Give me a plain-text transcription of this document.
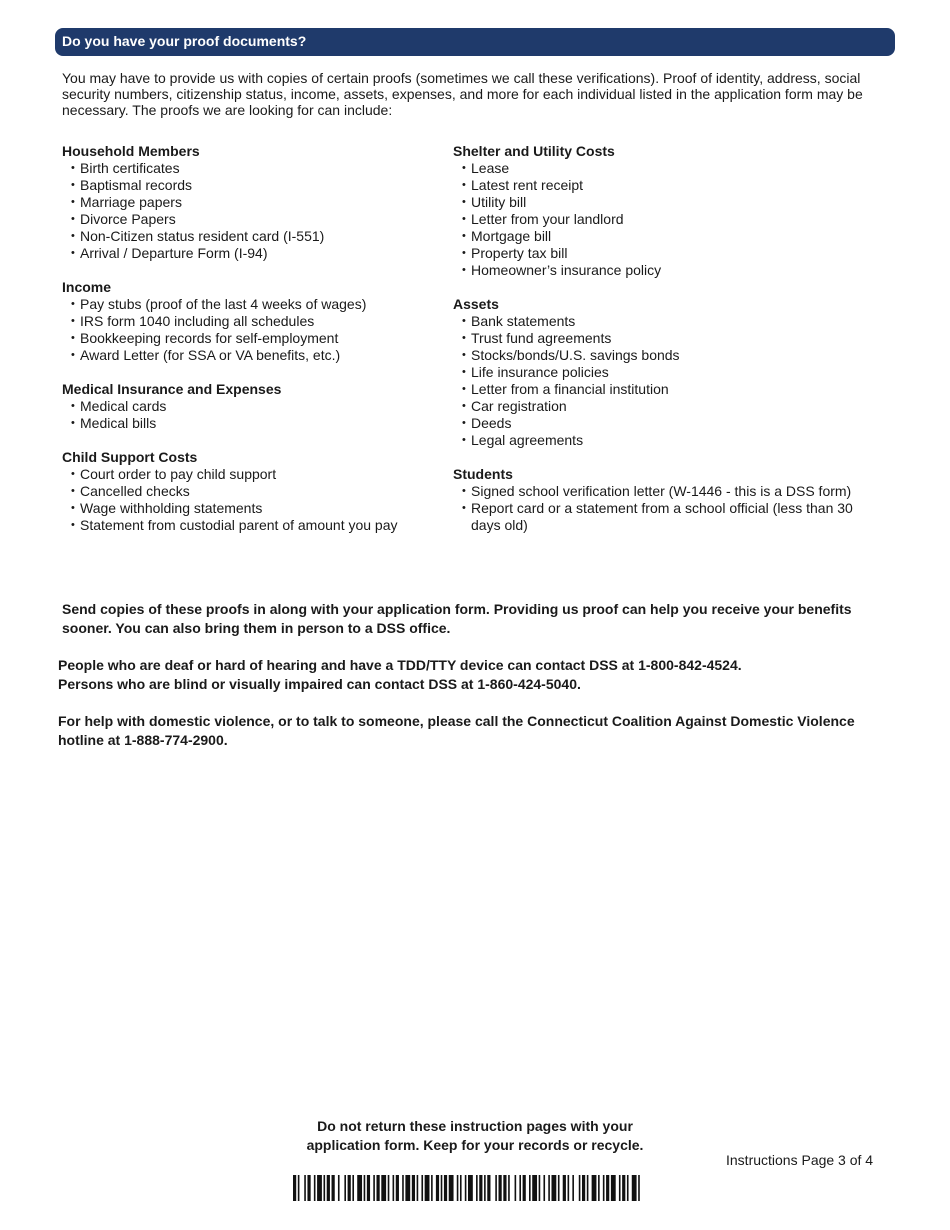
Do you have your proof documents?

You may have to provide us with copies of certain proofs (sometimes we call these verifications). Proof of identity, address, social security numbers, citizenship status, income, assets, expenses, and more for each individual listed in the application form may be necessary. The proofs we are looking for can include:

Household Members
• Birth certificates
• Baptismal records
• Marriage papers
• Divorce Papers
• Non-Citizen status resident card (I-551)
• Arrival / Departure Form (I-94)
Income
• Pay stubs (proof of the last 4 weeks of wages)
• IRS form 1040 including all schedules
• Bookkeeping records for self-employment
• Award Letter (for SSA or VA benefits, etc.)
Medical Insurance and Expenses
• Medical cards
• Medical bills
Child Support Costs
• Court order to pay child support
• Cancelled checks
• Wage withholding statements
• Statement from custodial parent of amount you pay
Shelter and Utility Costs
• Lease
• Latest rent receipt
• Utility bill
• Letter from your landlord
• Mortgage bill
• Property tax bill
• Homeowner’s insurance policy
Assets
• Bank statements
• Trust fund agreements
• Stocks/bonds/U.S. savings bonds
• Life insurance policies
• Letter from a financial institution
• Car registration
• Deeds
• Legal agreements
Students
• Signed school verification letter (W-1446 - this is a DSS form)
• Report card or a statement from a school official (less than 30 days old)

Send copies of these proofs in along with your application form. Providing us proof can help you receive your benefits sooner. You can also bring them in person to a DSS office.

People who are deaf or hard of hearing and have a TDD/TTY device can contact DSS at 1-800-842-4524.
Persons who are blind or visually impaired can contact DSS at 1-860-424-5040.

For help with domestic violence, or to talk to someone, please call the Connecticut Coalition Against Domestic Violence hotline at 1-888-774-2900.

Do not return these instruction pages with your
application form. Keep for your records or recycle.
Instructions Page 3 of 4
